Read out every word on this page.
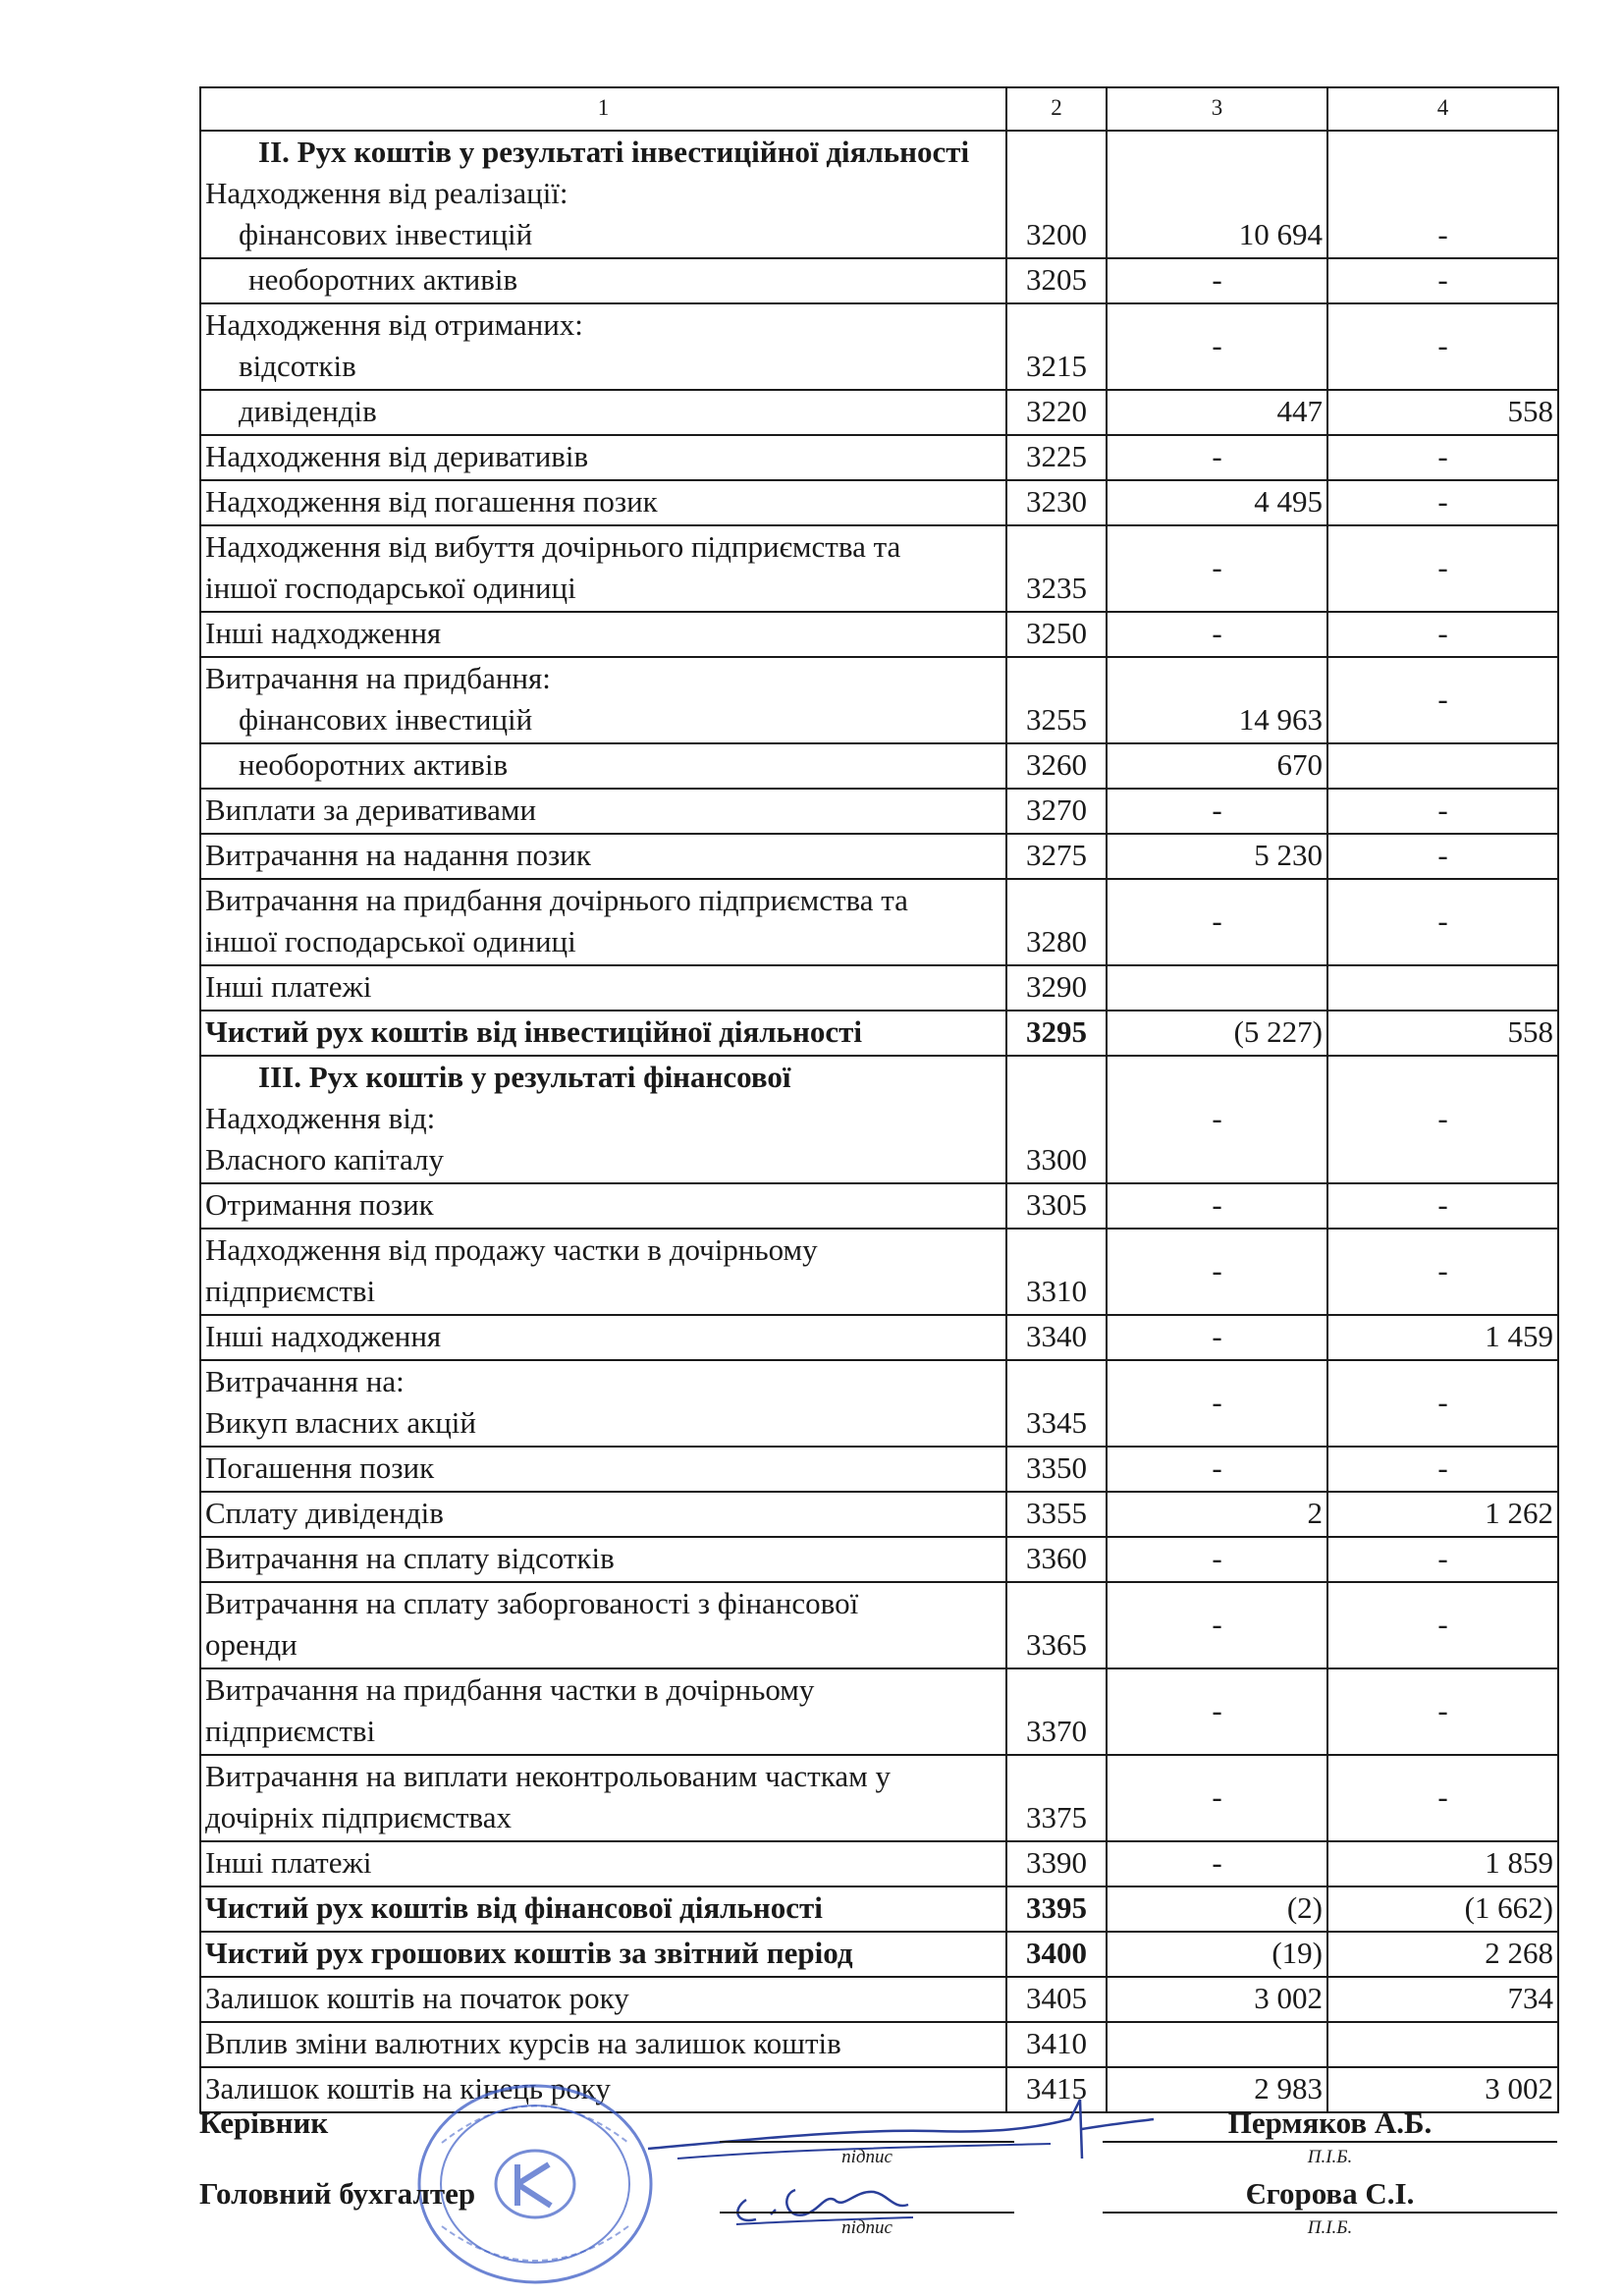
1	2	3	4

II. Рух коштів у результаті інвестиційної діяльності
Надходження від реалізації:
фінансових інвестицій	3200	10 694	-

необоротних активів	3205	-	-

Надходження від отриманих:
відсотків	3215	-	-

дивідендів	3220	447	558

Надходження від деривативів	3225	-	-

Надходження від погашення позик	3230	4 495	-

Надходження від вибуття дочірнього підприємства та
іншої господарської одиниці	3235	-	-

Інші надходження	3250	-	-

Витрачання на придбання:
фінансових інвестицій	3255	14 963	-

необоротних активів	3260	670	

Виплати за деривативами	3270	-	-

Витрачання на надання позик	3275	5 230	-

Витрачання на придбання дочірнього підприємства та
іншої господарської одиниці	3280	-	-

Інші платежі	3290		

Чистий рух коштів від інвестиційної діяльності	3295	(5 227)	558

III. Рух коштів у результаті фінансової
Надходження від:
Власного капіталу	3300	-	-

Отримання позик	3305	-	-

Надходження від продажу частки в дочірньому
підприємстві	3310	-	-

Інші надходження	3340	-	1 459

Витрачання на:
Викуп власних акцій	3345	-	-

Погашення позик	3350	-	-

Сплату дивідендів	3355	2	1 262

Витрачання на сплату відсотків	3360	-	-

Витрачання на сплату заборгованості з фінансової
оренди	3365	-	-

Витрачання на придбання частки в дочірньому
підприємстві	3370	-	-

Витрачання на виплати неконтрольованим часткам у
дочірніх підприємствах	3375	-	-

Інші платежі	3390	-	1 859

Чистий рух коштів від фінансової діяльності	3395	(2)	(1 662)

Чистий рух грошових коштів за звітний період	3400	(19)	2 268

Залишок коштів на початок року	3405	3 002	734

Вплив зміни валютних курсів на залишок коштів	3410		

Залишок коштів на кінець року	3415	2 983	3 002
Керівник
підпис
Пермяков А.Б.
П.І.Б.
Головний бухгалтер
підпис
Єгорова С.І.
П.І.Б.
